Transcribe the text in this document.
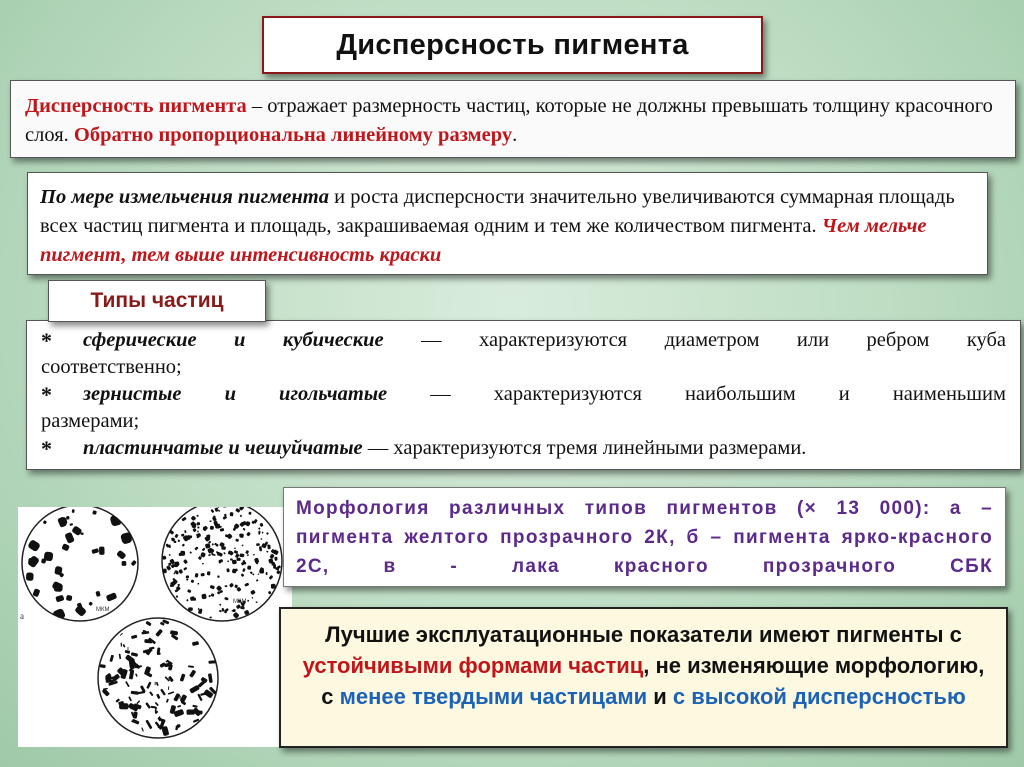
Дисперсность пигмента
Дисперсность пигмента – отражает размерность частиц, которые не должны превышать толщину красочного слоя. Обратно пропорциональна линейному размеру.
По мере измельчения пигмента и роста дисперсности значительно увеличиваются суммарная площадь всех частиц пигмента и площадь, закрашиваемая одним и тем же количеством пигмента. Чем мельче пигмент, тем выше интенсивность краски
*	сферические и кубические — характеризуются диаметром или ребром куба
соответственно;
*	зернистые и игольчатые — характеризуются наибольшим и наименьшим
размерами;
*	пластинчатые и чешуйчатые — характеризуются тремя линейными размерами.
Типы частиц
а
МКМ
МКМ
Морфология различных типов пигментов (× 13 000): а – пигмента желтого прозрачного 2К, б – пигмента ярко-красного 2С, в - лака красного прозрачного СБК
Лучшие эксплуатационные показатели имеют пигменты с устойчивыми формами частиц, не изменяющие морфологию, с менее твердыми частицами и с высокой дисперсностью
